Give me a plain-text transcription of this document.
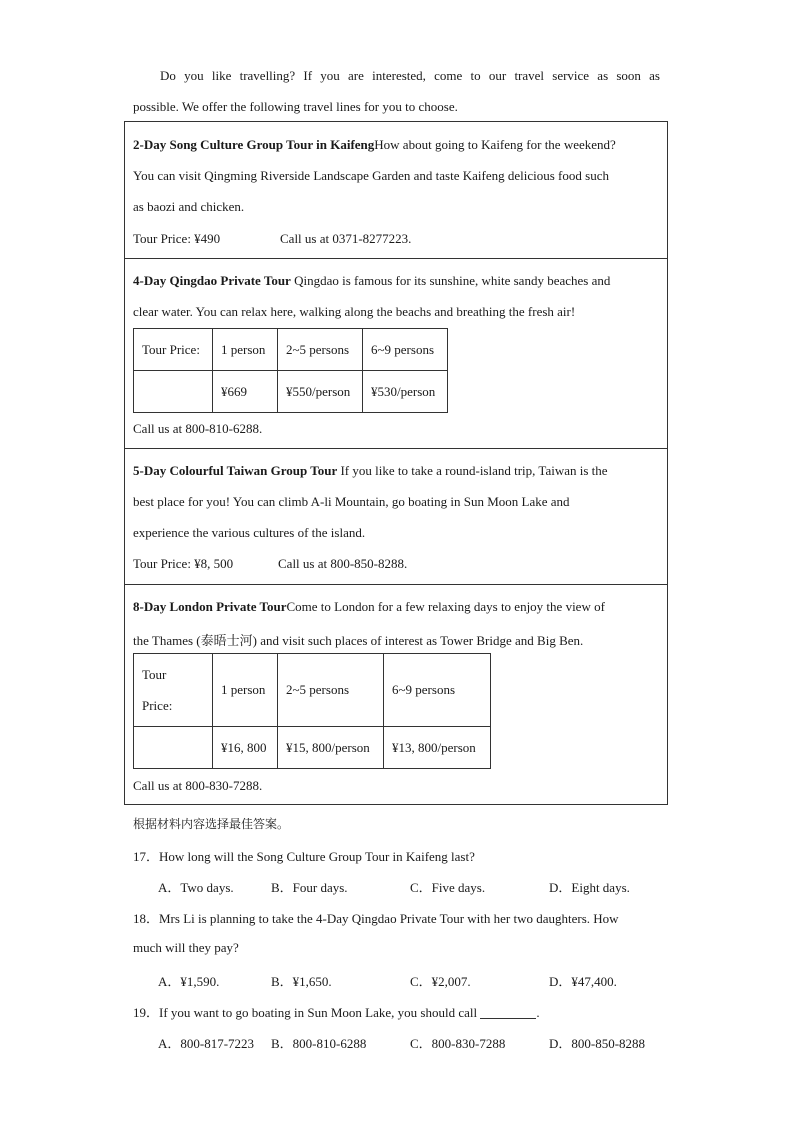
Do you like travelling? If you are interested, come to our travel service as soon as
possible. We offer the following travel lines for you to choose.
2-Day Song Culture Group Tour in KaifengHow about going to Kaifeng for the weekend?
You can visit Qingming Riverside Landscape Garden and taste Kaifeng delicious food such
as baozi and chicken.
Tour Price: ¥490	Call us at 0371-8277223.
4-Day Qingdao Private Tour Qingdao is famous for its sunshine, white sandy beaches and
clear water. You can relax here, walking along the beachs and breathing the fresh air!
Tour Price:	1 person	2~5 persons	6~9 persons
	¥669	¥550/person	¥530/person
Call us at 800-810-6288.
5-Day Colourful Taiwan Group Tour If you like to take a round-island trip, Taiwan is the
best place for you! You can climb A-li Mountain, go boating in Sun Moon Lake and
experience the various cultures of the island.
Tour Price: ¥8, 500	Call us at 800-850-8288.
8-Day London Private TourCome to London for a few relaxing days to enjoy the view of
the Thames (泰晤士河) and visit such places of interest as Tower Bridge and Big Ben.
Tour
Price:	1 person	2~5 persons	6~9 persons
	¥16, 800	¥15, 800/person	¥13, 800/person
Call us at 800-830-7288.
根据材料内容选择最佳答案。
17．How long will the Song Culture Group Tour in Kaifeng last?
A．Two days.	B．Four days.	C．Five days.	D．Eight days.
18．Mrs Li is planning to take the 4-Day Qingdao Private Tour with her two daughters. How
much will they pay?
A．¥1,590.	B．¥1,650.	C．¥2,007.	D．¥47,400.
19．If you want to go boating in Sun Moon Lake, you should call	.
A．800-817-7223 B．800-810-6288	C．800-830-7288	D．800-850-8288
